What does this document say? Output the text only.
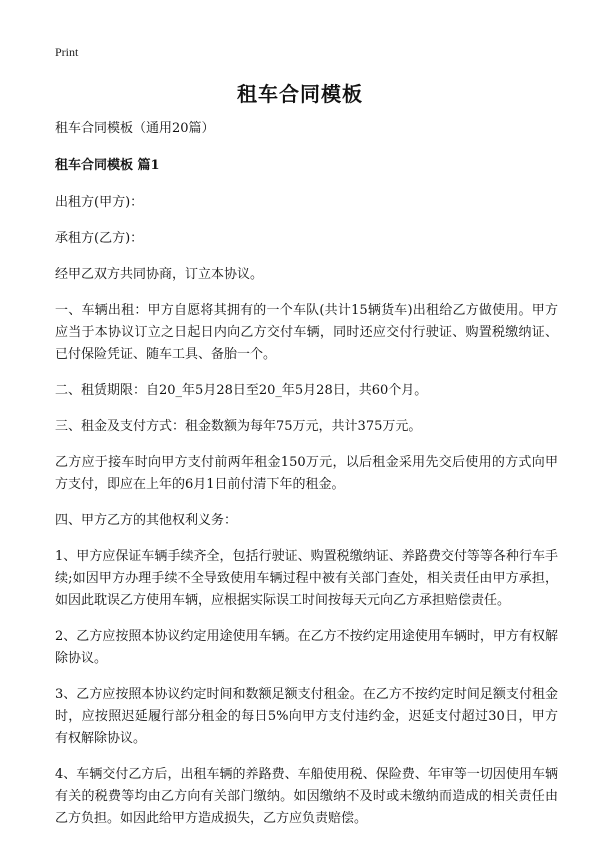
Print
租车合同模板

租车合同模板（通用20篇）

租车合同模板 篇1

出租方(甲方)：

承租方(乙方)：

经甲乙双方共同协商，订立本协议。

一、车辆出租：甲方自愿将其拥有的一个车队(共计15辆货车)出租给乙方做使用。甲方应当于本协议订立之日起日内向乙方交付车辆，同时还应交付行驶证、购置税缴纳证、已付保险凭证、随车工具、备胎一个。

二、租赁期限：自20_年5月28日至20_年5月28日，共60个月。

三、租金及支付方式：租金数额为每年75万元，共计375万元。

乙方应于接车时向甲方支付前两年租金150万元，以后租金采用先交后使用的方式向甲方支付，即应在上年的6月1日前付清下年的租金。

四、甲方乙方的其他权利义务：

1、甲方应保证车辆手续齐全，包括行驶证、购置税缴纳证、养路费交付等等各种行车手续;如因甲方办理手续不全导致使用车辆过程中被有关部门查处，相关责任由甲方承担，如因此耽误乙方使用车辆，应根据实际误工时间按每天元向乙方承担赔偿责任。

2、乙方应按照本协议约定用途使用车辆。在乙方不按约定用途使用车辆时，甲方有权解除协议。

3、乙方应按照本协议约定时间和数额足额支付租金。在乙方不按约定时间足额支付租金时，应按照迟延履行部分租金的每日5%向甲方支付违约金，迟延支付超过30日，甲方有权解除协议。

4、车辆交付乙方后，出租车辆的养路费、车船使用税、保险费、年审等一切因使用车辆有关的税费等均由乙方向有关部门缴纳。如因缴纳不及时或未缴纳而造成的相关责任由乙方负担。如因此给甲方造成损失，乙方应负责赔偿。
